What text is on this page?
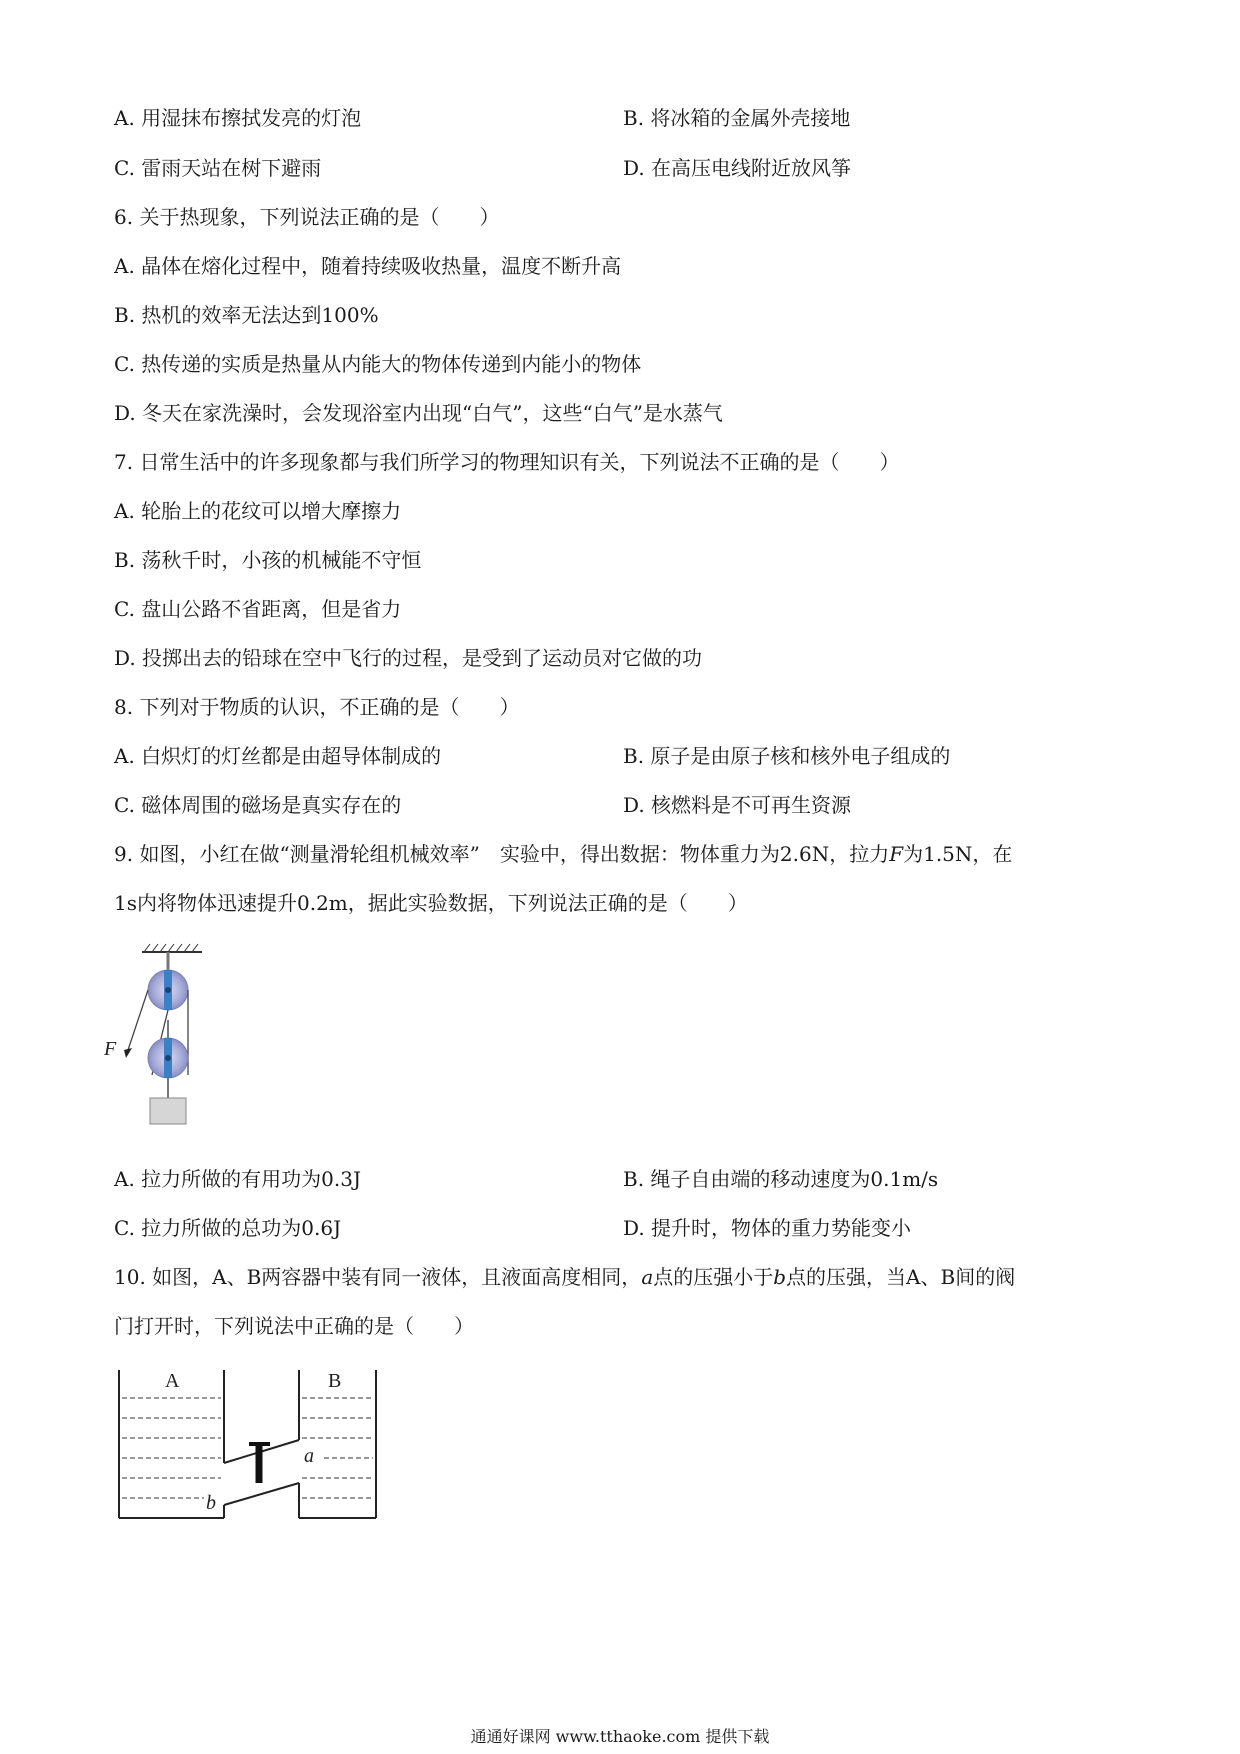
A. 用湿抹布擦拭发亮的灯泡	B. 将冰箱的金属外壳接地
C. 雷雨天站在树下避雨	D. 在高压电线附近放风筝
6. 关于热现象，下列说法正确的是（　　）
A. 晶体在熔化过程中，随着持续吸收热量，温度不断升高
B. 热机的效率无法达到100%
C. 热传递的实质是热量从内能大的物体传递到内能小的物体
D. 冬天在家洗澡时，会发现浴室内出现“白气”，这些“白气”是水蒸气
7. 日常生活中的许多现象都与我们所学习的物理知识有关，下列说法不正确的是（　　）
A. 轮胎上的花纹可以增大摩擦力
B. 荡秋千时，小孩的机械能不守恒
C. 盘山公路不省距离，但是省力
D. 投掷出去的铅球在空中飞行的过程，是受到了运动员对它做的功
8. 下列对于物质的认识，不正确的是（　　）
A. 白炽灯的灯丝都是由超导体制成的	B. 原子是由原子核和核外电子组成的
C. 磁体周围的磁场是真实存在的	D. 核燃料是不可再生资源
9. 如图，小红在做“测量滑轮组机械效率”　实验中，得出数据：物体重力为2.6N，拉力F为1.5N，在
1s内将物体迅速提升0.2m，据此实验数据，下列说法正确的是（　　）
F
A. 拉力所做的有用功为0.3J	B. 绳子自由端的移动速度为0.1m/s
C. 拉力所做的总功为0.6J	D. 提升时，物体的重力势能变小
10. 如图，A、B两容器中装有同一液体，且液面高度相同，a点的压强小于b点的压强，当A、B间的阀
门打开时，下列说法中正确的是（　　）
A	B
a
b
通通好课网 www.tthaoke.com 提供下载
